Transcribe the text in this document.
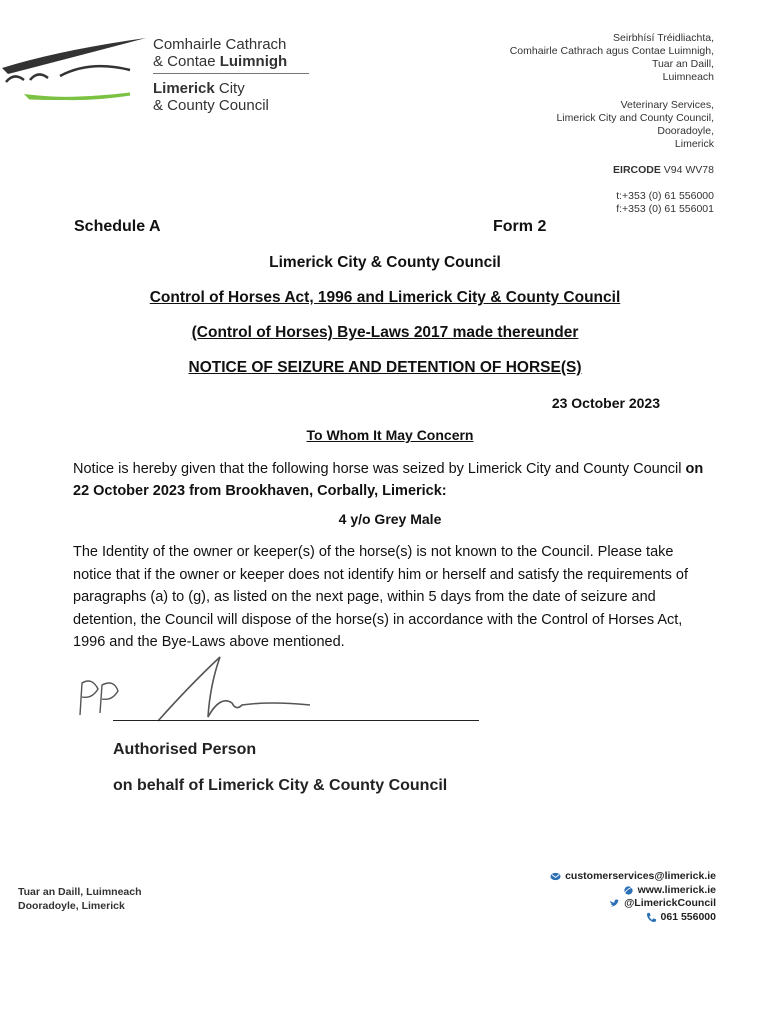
Comhairle Cathrach
& Contae Luimnigh
Limerick City
& County Council
Seirbhísí Tréidliachta,
Comhairle Cathrach agus Contae Luimnigh,
Tuar an Daill,
Luimneach
Veterinary Services,
Limerick City and County Council,
Dooradoyle,
Limerick
EIRCODE V94 WV78
t:+353 (0) 61 556000
f:+353 (0) 61 556001
Schedule A	Form 2
Limerick City & County Council
Control of Horses Act, 1996 and Limerick City & County Council
(Control of Horses) Bye-Laws 2017 made thereunder
NOTICE OF SEIZURE AND DETENTION OF HORSE(S)
23 October 2023
To Whom It May Concern
Notice is hereby given that the following horse was seized by Limerick City and County Council on 22 October 2023 from Brookhaven, Corbally, Limerick:
4 y/o Grey Male
The Identity of the owner or keeper(s) of the horse(s) is not known to the Council. Please take notice that if the owner or keeper does not identify him or herself and satisfy the requirements of paragraphs (a) to (g), as listed on the next page, within 5 days from the date of seizure and detention, the Council will dispose of the horse(s) in accordance with the Control of Horses Act, 1996 and the Bye-Laws above mentioned.
Authorised Person
on behalf of Limerick City & County Council
Tuar an Daill, Luimneach
Dooradoyle, Limerick
customerservices@limerick.ie
www.limerick.ie
@LimerickCouncil
061 556000
